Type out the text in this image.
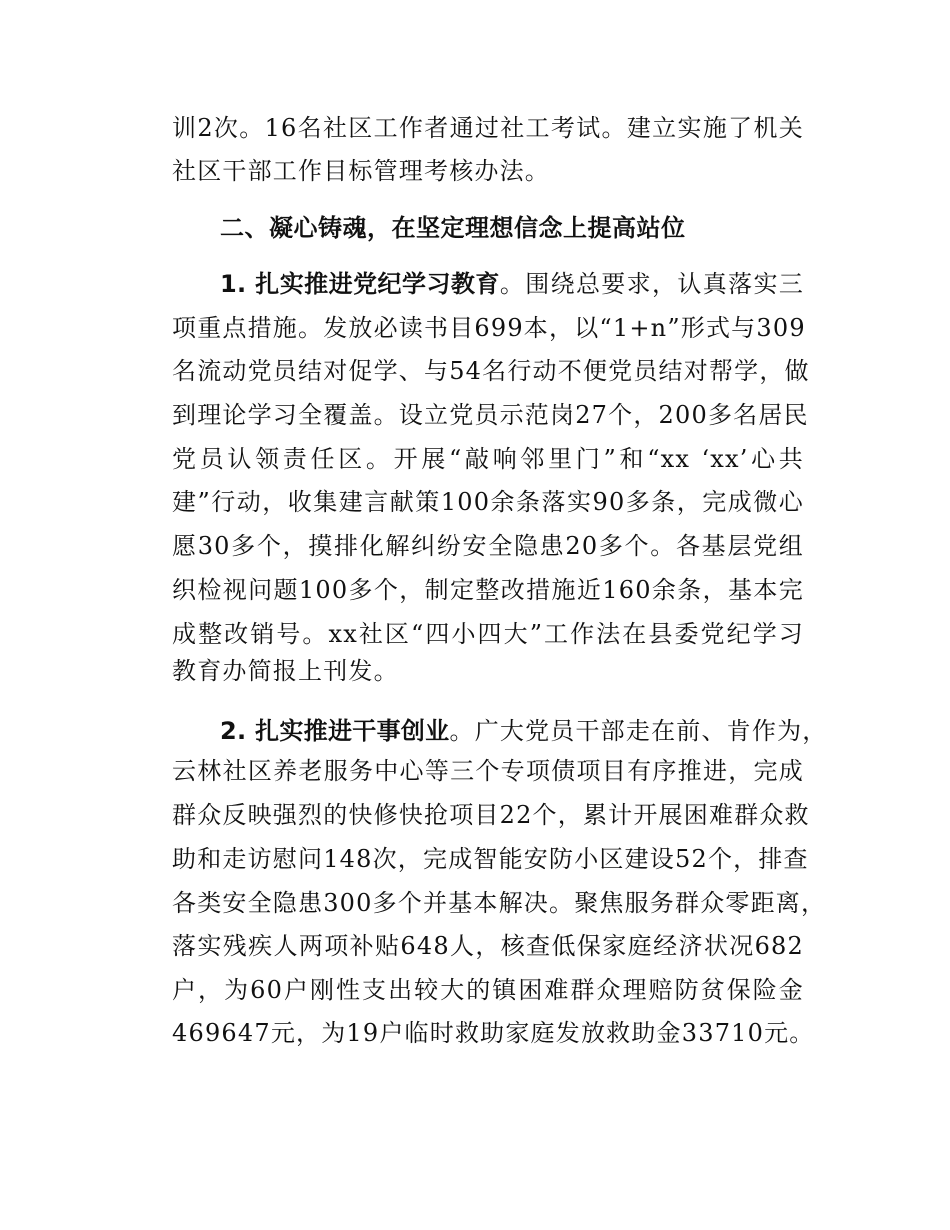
训2次。16名社区工作者通过社工考试。建立实施了机关
社区干部工作目标管理考核办法。
二、凝心铸魂，在坚定理想信念上提高站位
1. 扎实推进党纪学习教育。围绕总要求，认真落实三
项重点措施。发放必读书目699本，以“1+n”形式与309
名流动党员结对促学、与54名行动不便党员结对帮学，做
到理论学习全覆盖。设立党员示范岗27个，200多名居民
党员认领责任区。开展“敲响邻里门”和“xx ‘xx’心共
建”行动，收集建言献策100余条落实90多条，完成微心
愿30多个，摸排化解纠纷安全隐患20多个。各基层党组
织检视问题100多个，制定整改措施近160余条，基本完
成整改销号。xx社区“四小四大”工作法在县委党纪学习
教育办简报上刊发。
2. 扎实推进干事创业。广大党员干部走在前、肯作为，
云林社区养老服务中心等三个专项债项目有序推进，完成
群众反映强烈的快修快抢项目22个，累计开展困难群众救
助和走访慰问148次，完成智能安防小区建设52个，排查
各类安全隐患300多个并基本解决。聚焦服务群众零距离，
落实残疾人两项补贴648人，核查低保家庭经济状况682
户，为60户刚性支出较大的镇困难群众理赔防贫保险金
469647元，为19户临时救助家庭发放救助金33710元。
